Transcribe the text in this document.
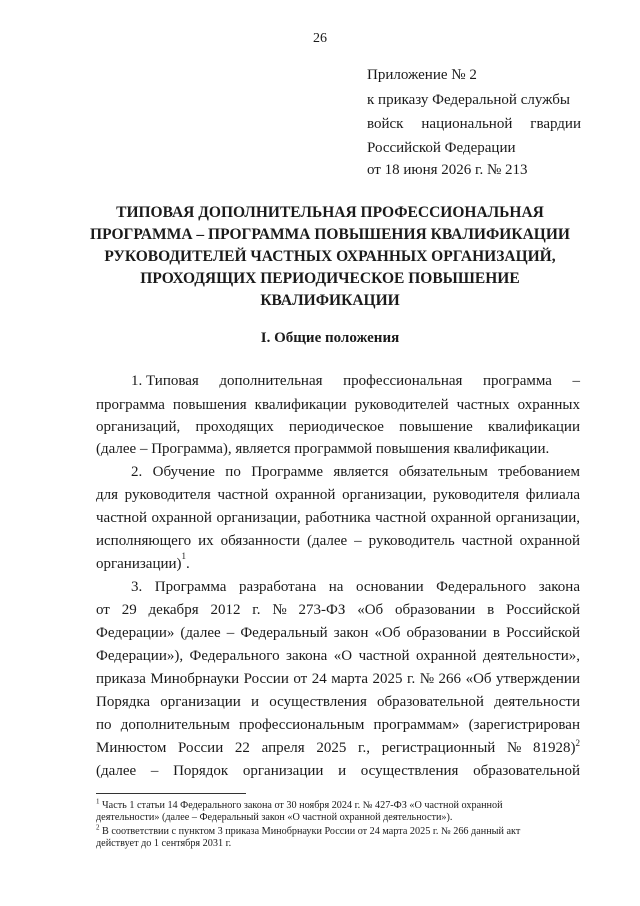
26
Приложение № 2
к приказу Федеральной службы
войск национальной гвардии
Российской Федерации
от 18 июня 2026 г. № 213
ТИПОВАЯ ДОПОЛНИТЕЛЬНАЯ ПРОФЕССИОНАЛЬНАЯ
ПРОГРАММА – ПРОГРАММА ПОВЫШЕНИЯ КВАЛИФИКАЦИИ
РУКОВОДИТЕЛЕЙ ЧАСТНЫХ ОХРАННЫХ ОРГАНИЗАЦИЙ,
ПРОХОДЯЩИХ ПЕРИОДИЧЕСКОЕ ПОВЫШЕНИЕ
КВАЛИФИКАЦИИ
I. Общие положения
1. Типовая дополнительная профессиональная программа –
программа повышения квалификации руководителей частных охранных
организаций, проходящих периодическое повышение квалификации
(далее – Программа), является программой повышения квалификации.
2. Обучение по Программе является обязательным требованием
для руководителя частной охранной организации, руководителя филиала
частной охранной организации, работника частной охранной организации,
исполняющего их обязанности (далее – руководитель частной охранной
организации) 1 .
3. Программа разработана на основании Федерального закона
от 29 декабря 2012 г. № 273-ФЗ «Об образовании в Российской
Федерации» (далее – Федеральный закон «Об образовании в Российской
Федерации»), Федерального закона «О частной охранной деятельности»,
приказа Минобрнауки России от 24 марта 2025 г. № 266 «Об утверждении
Порядка организации и осуществления образовательной деятельности
по дополнительным профессиональным программам» (зарегистрирован
Минюстом России 22 апреля 2025 г., регистрационный № 81928)$^2$
(далее – Порядок организации и осуществления образовательной
$^1$ Часть 1 статьи 14 Федерального закона от 30 ноября 2024 г. № 427-ФЗ «О частной охранной
деятельности» (далее – Федеральный закон «О частной охранной деятельности»).
$^2$ В соответствии с пунктом 3 приказа Минобрнауки России от 24 марта 2025 г. № 266 данный акт
действует до 1 сентября 2031 г.
